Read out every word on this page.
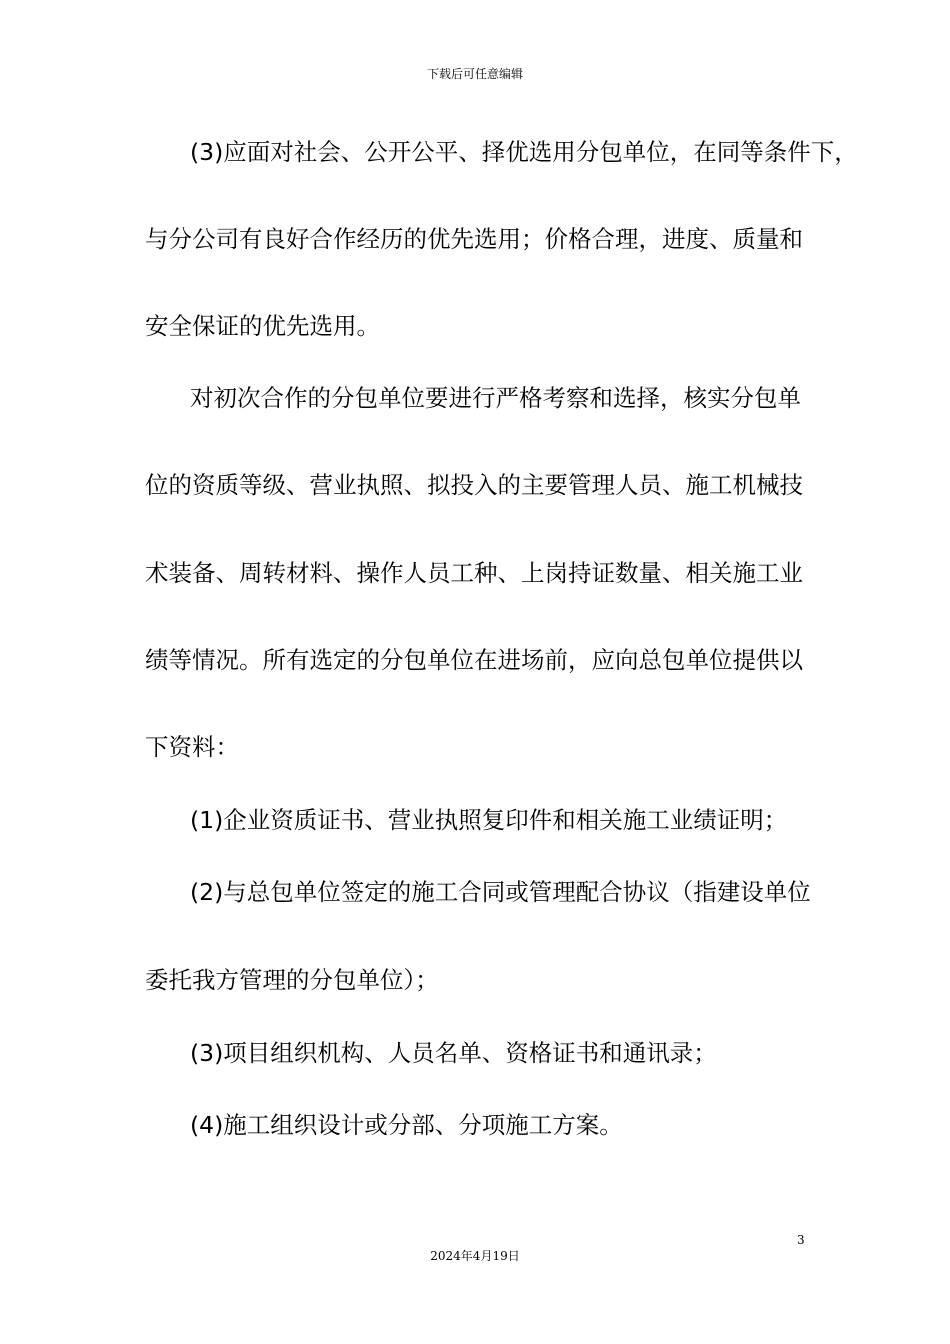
下载后可任意编辑
(3)应面对社会、公开公平、择优选用分包单位，在同等条件下，
与分公司有良好合作经历的优先选用；价格合理，进度、质量和
安全保证的优先选用。
对初次合作的分包单位要进行严格考察和选择，核实分包单
位的资质等级、营业执照、拟投入的主要管理人员、施工机械技
术装备、周转材料、操作人员工种、上岗持证数量、相关施工业
绩等情况。所有选定的分包单位在进场前，应向总包单位提供以
下资料：
(1)企业资质证书、营业执照复印件和相关施工业绩证明；
(2)与总包单位签定的施工合同或管理配合协议（指建设单位
委托我方管理的分包单位）；
(3)项目组织机构、人员名单、资格证书和通讯录；
(4)施工组织设计或分部、分项施工方案。
3
2024年4月19日
